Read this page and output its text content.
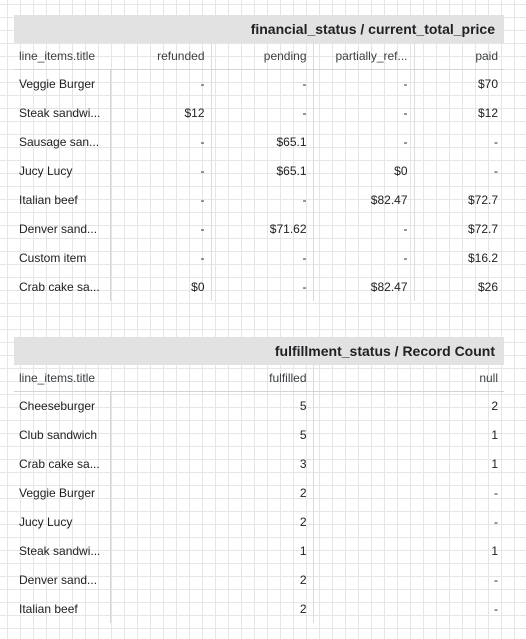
financial_status / current_total_price
line_items.title	refunded	pending	partially_ref...	paid
Veggie Burger	-	-	-	$70
Steak sandwi...	$12	-	-	$12
Sausage san...	-	$65.1	-	-
Jucy Lucy	-	$65.1	$0	-
Italian beef	-	-	$82.47	$72.7
Denver sand...	-	$71.62	-	$72.7
Custom item	-	-	-	$16.2
Crab cake sa...	$0	-	$82.47	$26
fulfillment_status / Record Count
line_items.title	fulfilled	null
Cheeseburger	5	2
Club sandwich	5	1
Crab cake sa...	3	1
Veggie Burger	2	-
Jucy Lucy	2	-
Steak sandwi...	1	1
Denver sand...	2	-
Italian beef	2	-
